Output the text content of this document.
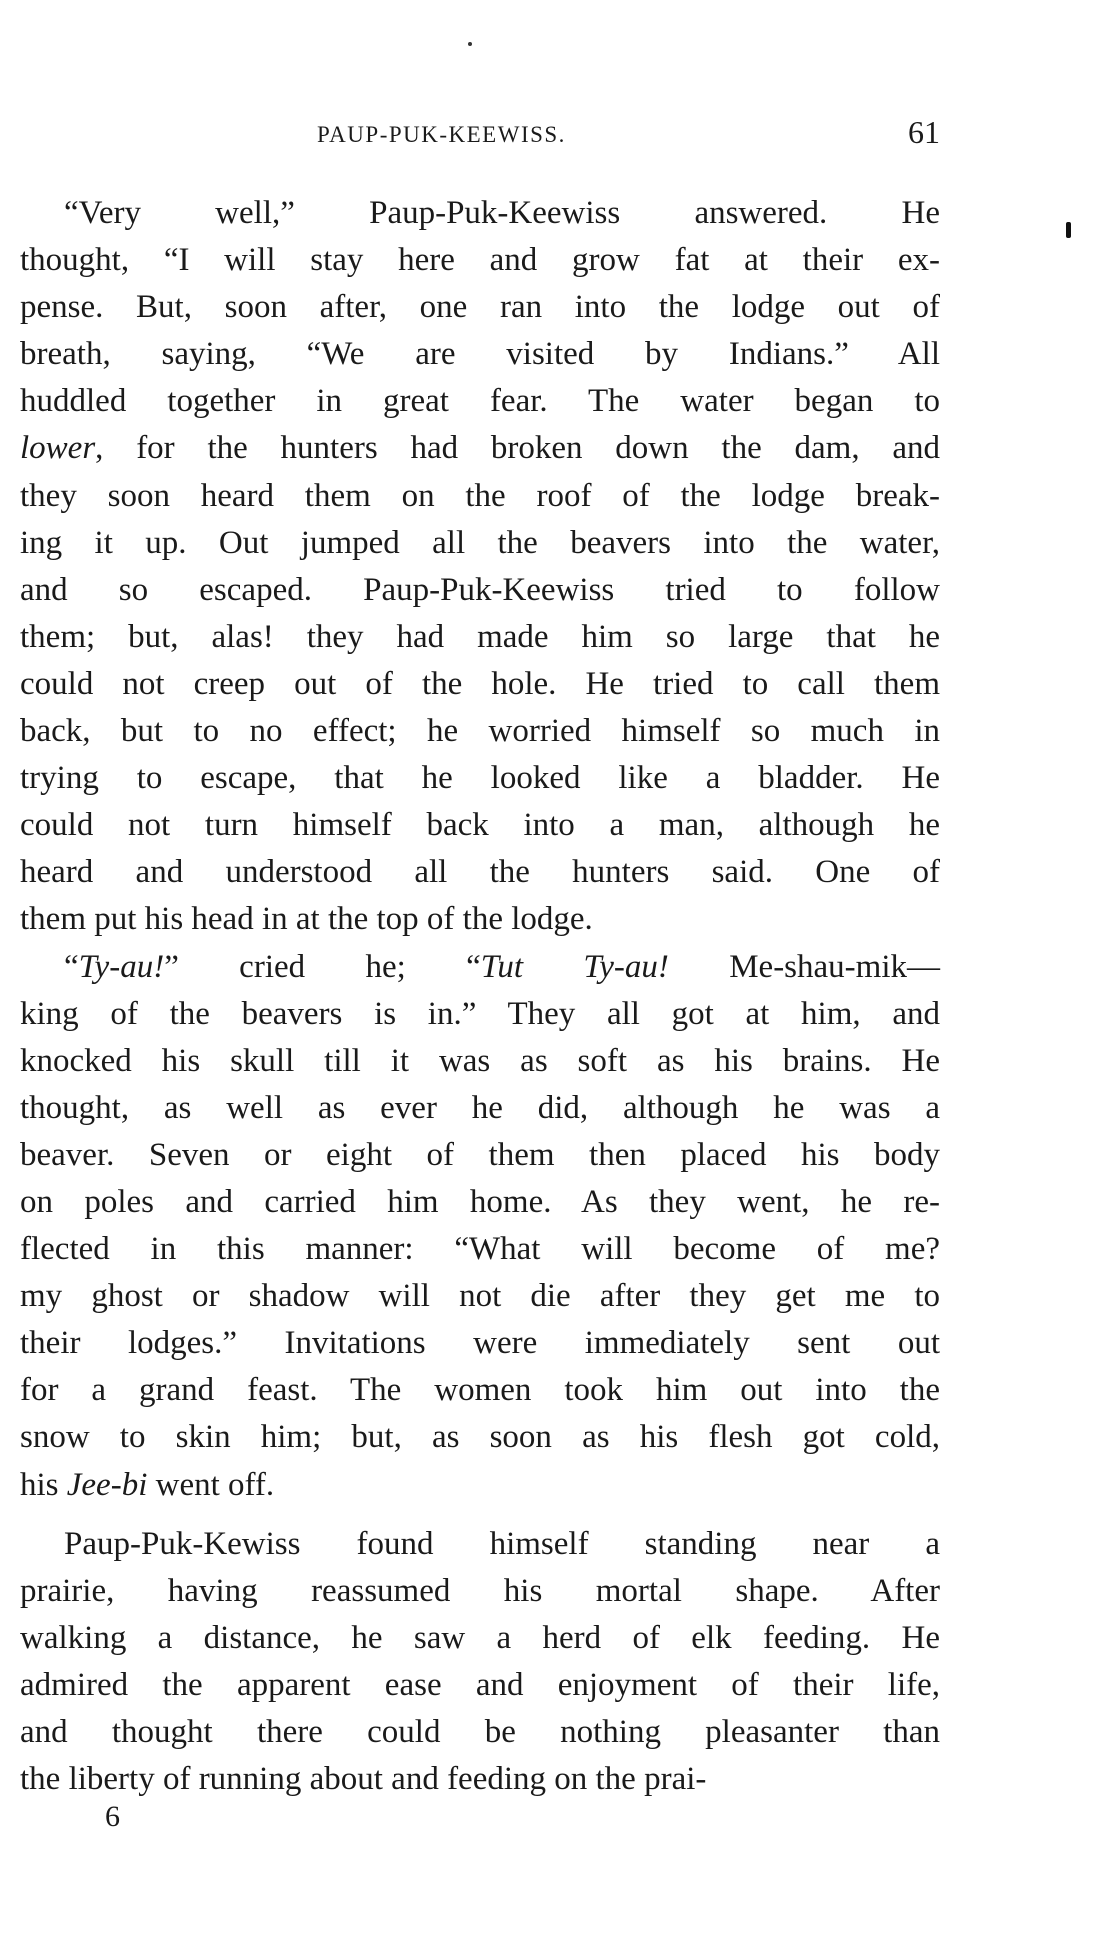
PAUP-PUK-KEEWISS.	61

“Very well,” Paup-Puk-Keewiss answered. He
thought, “I will stay here and grow fat at their ex-
pense. But, soon after, one ran into the lodge out of
breath, saying, “We are visited by Indians.” All
huddled together in great fear. The water began to
lower, for the hunters had broken down the dam, and
they soon heard them on the roof of the lodge break-
ing it up. Out jumped all the beavers into the water,
and so escaped. Paup-Puk-Keewiss tried to follow
them; but, alas! they had made him so large that he
could not creep out of the hole. He tried to call them
back, but to no effect; he worried himself so much in
trying to escape, that he looked like a bladder. He
could not turn himself back into a man, although he
heard and understood all the hunters said. One of
them put his head in at the top of the lodge.

“Ty-au!” cried he; “Tut Ty-au! Me-shau-mik—
king of the beavers is in.” They all got at him, and
knocked his skull till it was as soft as his brains. He
thought, as well as ever he did, although he was a
beaver. Seven or eight of them then placed his body
on poles and carried him home. As they went, he re-
flected in this manner: “What will become of me?
my ghost or shadow will not die after they get me to
their lodges.” Invitations were immediately sent out
for a grand feast. The women took him out into the
snow to skin him; but, as soon as his flesh got cold,
his Jee-bi went off.

Paup-Puk-Kewiss found himself standing near a
prairie, having reassumed his mortal shape. After
walking a distance, he saw a herd of elk feeding. He
admired the apparent ease and enjoyment of their life,
and thought there could be nothing pleasanter than
the liberty of running about and feeding on the prai-

6
